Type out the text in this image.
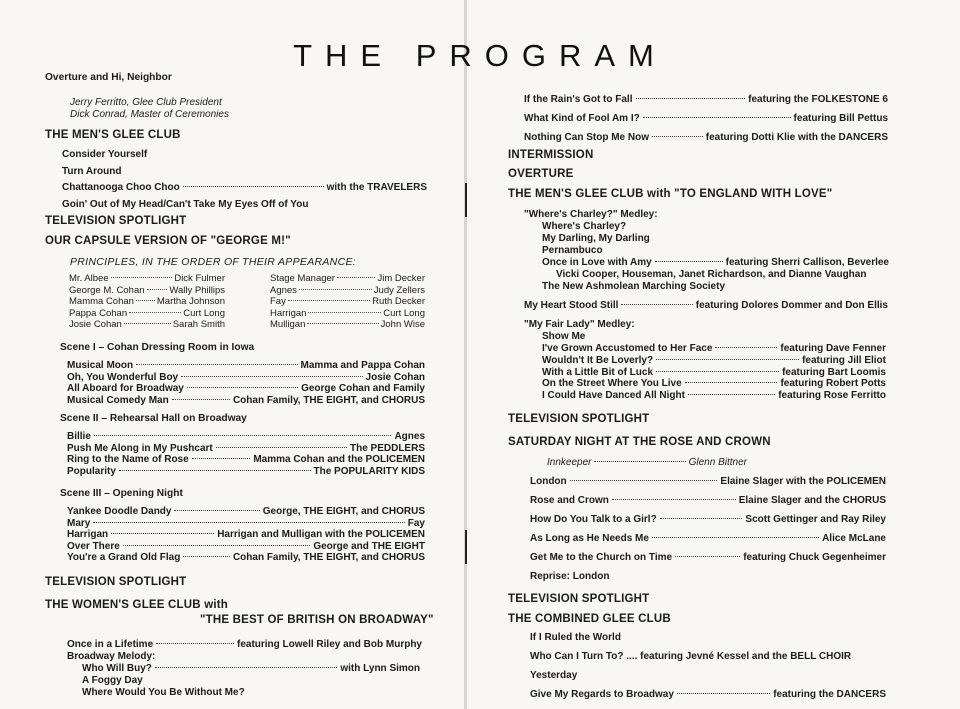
THE PROGRAM
Overture and Hi, Neighbor
Jerry Ferritto, Glee Club President
Dick Conrad, Master of Ceremonies
THE MEN'S GLEE CLUB
Consider Yourself
Turn Around
Chattanooga Choo Choo	with the TRAVELERS
Goin' Out of My Head/Can't Take My Eyes Off of You
TELEVISION SPOTLIGHT
OUR CAPSULE VERSION OF "GEORGE M!"
PRINCIPLES, IN THE ORDER OF THEIR APPEARANCE:
Mr. Albee	Dick Fulmer
George M. Cohan	Wally Phillips
Mamma Cohan Martha Johnson
Pappa Cohan	Curt Long
Josie Cohan	Sarah Smith
Stage Manager	Jim Decker
Agnes	Judy Zellers
Fay	Ruth Decker
Harrigan	Curt Long
Mulligan	John Wise
Scene I – Cohan Dressing Room in Iowa
Musical Moon	Mamma and Pappa Cohan
Oh, You Wonderful Boy	Josie Cohan
All Aboard for Broadway	George Cohan and Family
Musical Comedy Man	Cohan Family, THE EIGHT, and CHORUS
Scene II – Rehearsal Hall on Broadway
Billie	Agnes
Push Me Along in My Pushcart	The PEDDLERS
Ring to the Name of Rose	Mamma Cohan and the POLICEMEN
Popularity	The POPULARITY KIDS
Scene III – Opening Night
Yankee Doodle Dandy	George, THE EIGHT, and CHORUS
Mary	Fay
Harrigan	Harrigan and Mulligan with the POLICEMEN
Over There	George and THE EIGHT
You're a Grand Old Flag	Cohan Family, THE EIGHT, and CHORUS
TELEVISION SPOTLIGHT
THE WOMEN'S GLEE CLUB with
"THE BEST OF BRITISH ON BROADWAY"
Once in a Lifetime	featuring Lowell Riley and Bob Murphy
Broadway Melody:
Who Will Buy?	with Lynn Simon
A Foggy Day
Where Would You Be Without Me?
If the Rain's Got to Fall	featuring the FOLKESTONE 6
What Kind of Fool Am I?	featuring Bill Pettus
Nothing Can Stop Me Now	featuring Dotti Klie with the DANCERS
INTERMISSION
OVERTURE
THE MEN'S GLEE CLUB with "TO ENGLAND WITH LOVE"
"Where's Charley?" Medley:
Where's Charley?
My Darling, My Darling
Pernambuco
Once in Love with Amy	featuring Sherri Callison, Beverlee
Vicki Cooper, Houseman, Janet Richardson, and Dianne Vaughan
The New Ashmolean Marching Society
My Heart Stood Still	featuring Dolores Dommer and Don Ellis
"My Fair Lady" Medley:
Show Me
I've Grown Accustomed to Her Face	featuring Dave Fenner
Wouldn't It Be Loverly?	featuring Jill Eliot
With a Little Bit of Luck	featuring Bart Loomis
On the Street Where You Live	featuring Robert Potts
I Could Have Danced All Night	featuring Rose Ferritto
TELEVISION SPOTLIGHT
SATURDAY NIGHT AT THE ROSE AND CROWN
Innkeeper	Glenn Bittner
London	Elaine Slager with the POLICEMEN
Rose and Crown	Elaine Slager and the CHORUS
How Do You Talk to a Girl?	Scott Gettinger and Ray Riley
As Long as He Needs Me	Alice McLane
Get Me to the Church on Time	featuring Chuck Gegenheimer
Reprise: London
TELEVISION SPOTLIGHT
THE COMBINED GLEE CLUB
If I Ruled the World
Who Can I Turn To? .... featuring Jevné Kessel and the BELL CHOIR
Yesterday
Give My Regards to Broadway	featuring the DANCERS
